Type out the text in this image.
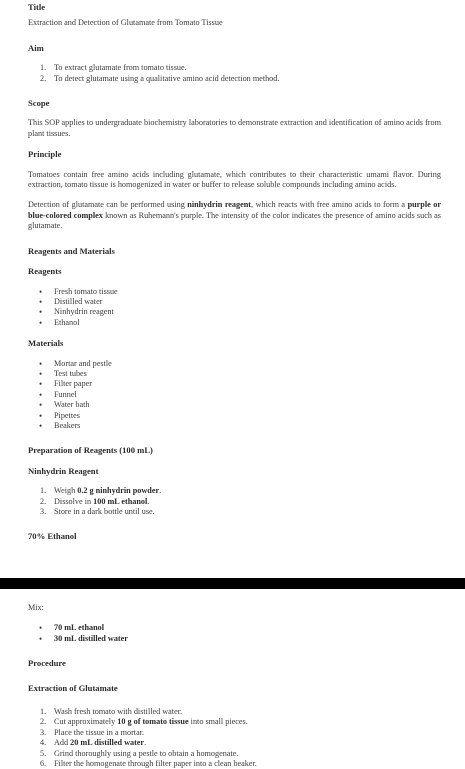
Title

Extraction and Detection of Glutamate from Tomato Tissue

Aim

1. To extract glutamate from tomato tissue.
2. To detect glutamate using a qualitative amino acid detection method.

Scope

This SOP applies to undergraduate biochemistry laboratories to demonstrate extraction and identification of amino acids from plant tissues.

Principle

Tomatoes contain free amino acids including glutamate, which contributes to their characteristic umami flavor. During extraction, tomato tissue is homogenized in water or buffer to release soluble compounds including amino acids.

Detection of glutamate can be performed using ninhydrin reagent, which reacts with free amino acids to form a purple or blue-colored complex known as Ruhemann's purple. The intensity of the color indicates the presence of amino acids such as glutamate.

Reagents and Materials

Reagents

• Fresh tomato tissue
• Distilled water
• Ninhydrin reagent
• Ethanol

Materials

• Mortar and pestle
• Test tubes
• Filter paper
• Funnel
• Water bath
• Pipettes
• Beakers

Preparation of Reagents (100 mL)

Ninhydrin Reagent

1. Weigh 0.2 g ninhydrin powder.
2. Dissolve in 100 mL ethanol.
3. Store in a dark bottle until use.

70% Ethanol

Mix:

• 70 mL ethanol
• 30 mL distilled water

Procedure

Extraction of Glutamate

1. Wash fresh tomato with distilled water.
2. Cut approximately 10 g of tomato tissue into small pieces.
3. Place the tissue in a mortar.
4. Add 20 mL distilled water.
5. Grind thoroughly using a pestle to obtain a homogenate.
6. Filter the homogenate through filter paper into a clean beaker.
